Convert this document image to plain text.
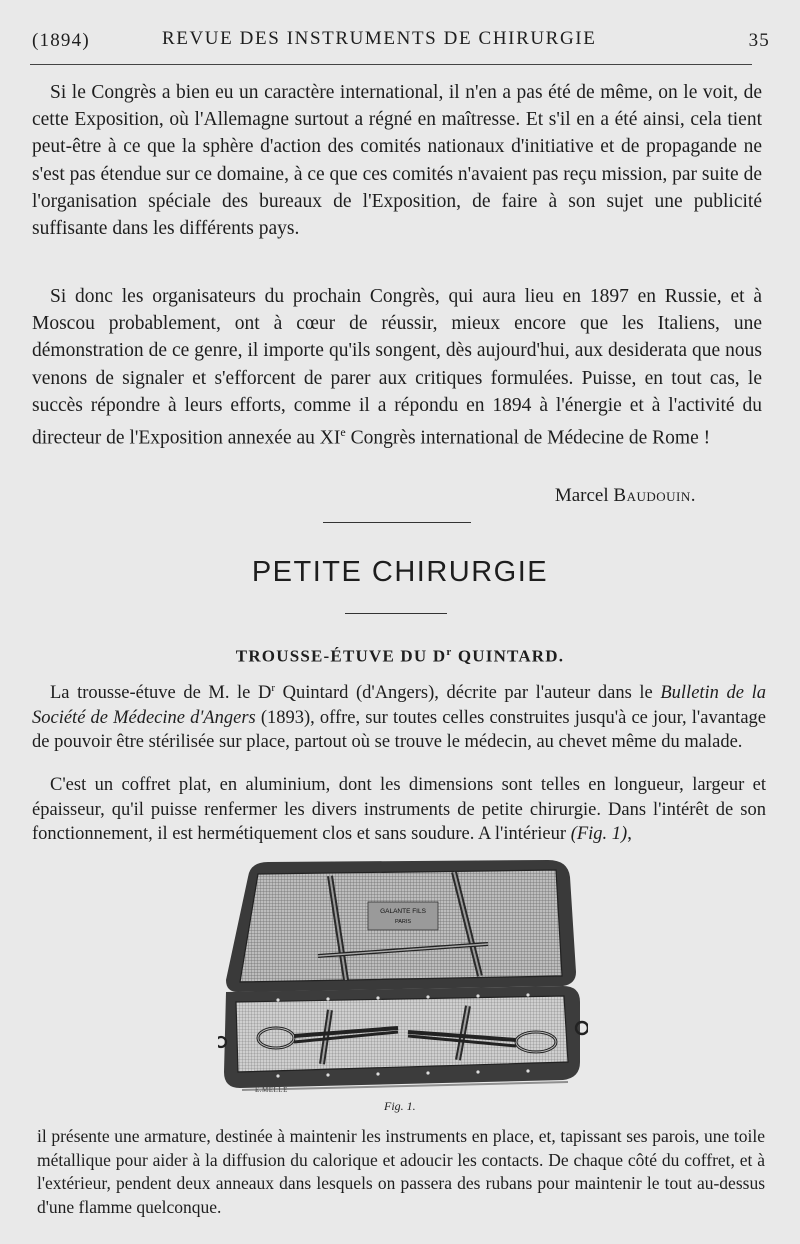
(1894)	REVUE DES INSTRUMENTS DE CHIRURGIE	35

Si le Congrès a bien eu un caractère international, il n'en a pas été de même, on le voit, de cette Exposition, où l'Allemagne surtout a régné en maîtresse. Et s'il en a été ainsi, cela tient peut-être à ce que la sphère d'action des comités nationaux d'initiative et de propagande ne s'est pas étendue sur ce domaine, à ce que ces comités n'avaient pas reçu mission, par suite de l'organisation spéciale des bureaux de l'Exposition, de faire à son sujet une publicité suffisante dans les différents pays.

Si donc les organisateurs du prochain Congrès, qui aura lieu en 1897 en Russie, et à Moscou probablement, ont à cœur de réussir, mieux encore que les Italiens, une démonstration de ce genre, il importe qu'ils songent, dès aujourd'hui, aux desiderata que nous venons de signaler et s'efforcent de parer aux critiques formulées. Puisse, en tout cas, le succès répondre à leurs efforts, comme il a répondu en 1894 à l'énergie et à l'activité du directeur de l'Exposition annexée au XIe Congrès international de Médecine de Rome !

Marcel Baudouin.
PETITE CHIRURGIE
TROUSSE-ÉTUVE DU $D^r$ QUINTARD.

La trousse-étuve de M. le $D^r$ Quintard (d'Angers), décrite par l'auteur dans le Bulletin de la Société de Médecine d'Angers (1893), offre, sur toutes celles construites jusqu'à ce jour, l'avantage de pouvoir être stérilisée sur place, partout où se trouve le médecin, au chevet même du malade.

C'est un coffret plat, en aluminium, dont les dimensions sont telles en longueur, largeur et épaisseur, qu'il puisse renfermer les divers instruments de petite chirurgie. Dans l'intérêt de son fonctionnement, il est hermétiquement clos et sans soudure. A l'intérieur (Fig. 1),

GALANTE FILS
PARIS
E.MELLE
Fig. 1.

il présente une armature, destinée à maintenir les instruments en place, et, tapissant ses parois, une toile métallique pour aider à la diffusion du calorique et adoucir les contacts. De chaque côté du coffret, et à l'extérieur, pendent deux anneaux dans lesquels on passera des rubans pour maintenir le tout au-dessus d'une flamme quelconque.
